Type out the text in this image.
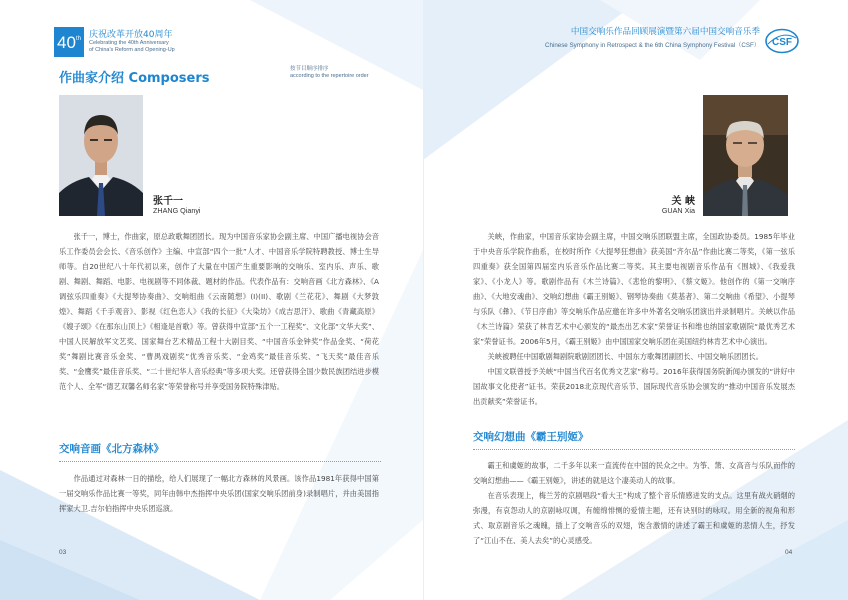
40th 庆祝改革开放40周年
Celebrating the 40th Anniversary
of China's Reform and Opening-Up
中国交响乐作品回顾展演暨第六届中国交响音乐季
Chinese Symphony in Retrospect & the 6th China Symphony Festival（CSF） CSF
作曲家介绍 Composers
按节目顺序排序
according to the repertoire order
张千一
ZHANG Qianyi
关 峡
GUAN Xia

张千一，博士，作曲家，原总政歌舞团团长。现为中国音乐家协会副主席、中国广播电视协会音乐工作委员会会长、《音乐创作》主编、中宣部“四个一批”人才、中国音乐学院特聘教授、博士生导师等。自20世纪八十年代初以来，创作了大量在中国产生重要影响的交响乐、室内乐、声乐、歌剧、舞剧、舞蹈、电影、电视剧等不同体裁、题材的作品。代表作品有：交响音画《北方森林》、《A调弦乐四重奏》《大提琴协奏曲》、交响组曲《云南随想》(I)(II)、歌剧《兰花花》、舞剧《大梦敦煌》、舞蹈《千手观音》、影视《红色恋人》《我的长征》《大染坊》《成吉思汗》、歌曲《青藏高原》《嫂子颂》《在那东山顶上》《相逢是首歌》等。曾获得中宣部“五个一工程奖”、文化部“文华大奖”、中国人民解放军文艺奖、国家舞台艺术精品工程十大剧目奖、“中国音乐金钟奖”作品金奖、“荷花奖”舞剧比赛音乐金奖、“曹禺戏剧奖”优秀音乐奖、“金鸡奖”最佳音乐奖、“飞天奖”最佳音乐奖、“金鹰奖”最佳音乐奖、“二十世纪华人音乐经典”等多项大奖。还曾获得全国少数民族团结进步模范个人、全军“德艺双馨名师名家”等荣誉称号并享受国务院特殊津贴。

关峡，作曲家，中国音乐家协会副主席，中国交响乐团联盟主席，全国政协委员。1985年毕业于中央音乐学院作曲系，在校时所作《大提琴狂想曲》获美国“齐尔品”作曲比赛二等奖，《第一弦乐四重奏》获全国第四届室内乐音乐作品比赛二等奖。其主要电视剧音乐作品有《围城》、《我爱我家》、《小龙人》等。歌剧作品有《木兰诗篇》、《悲怆的黎明》、《蔡文姬》。他创作的《第一交响序曲》、《大地安魂曲》、交响幻想曲《霸王别姬》、钢琴协奏曲《莫基者》、第二交响曲《希望》、小提琴与乐队《彝》、《节日序曲》等交响乐作品应邀在许多中外著名交响乐团演出并录制唱片。关峡以作品《木兰诗篇》荣获了林肯艺术中心颁发的“最杰出艺术家”荣誉证书和维也纳国家歌剧院“最优秀艺术家”荣誉证书。2006年5月，《霸王别姬》由中国国家交响乐团在美国纽约林肯艺术中心演出。

关峡被聘任中国歌剧舞剧院歌剧团团长、中国东方歌舞团副团长、中国交响乐团团长。

中国文联曾授予关峡“中国当代百名优秀文艺家”称号。2016年获得国务院新闻办颁发的“讲好中国故事文化使者”证书。荣获2018北京现代音乐节、国际现代音乐协会颁发的“推动中国音乐发展杰出贡献奖”荣誉证书。

交响音画《北方森林》

作品通过对森林一日的描绘，给人们展现了一幅北方森林的风景画。该作品1981年获得中国第一届交响乐作品比赛一等奖，同年由韩中杰指挥中央乐团(国家交响乐团前身)录制唱片，并由美国指挥家大卫.吉尔伯指挥中央乐团巡演。

交响幻想曲《霸王别姬》

霸王和虞姬的故事，二千多年以来一直流传在中国的民众之中。为筝、箫、女高音与乐队而作的交响幻想曲——《霸王别姬》，讲述的就是这个凄美动人的故事。

在音乐表现上，梅兰芳的京剧唱段“看大王”构成了整个音乐情感迸发的支点。这里有战火硝烟的弥漫，有哀怨动人的京剧咏叹调，有缠绵悱恻的爱情主题，还有诀别时的咏叹。用全新的视角和形式、取京剧音乐之魂魄，插上了交响音乐的双翅，饱含激情的讲述了霸王和虞姬的悲情人生，抒发了“江山不在、美人去矣”的心灵感受。

03	04
